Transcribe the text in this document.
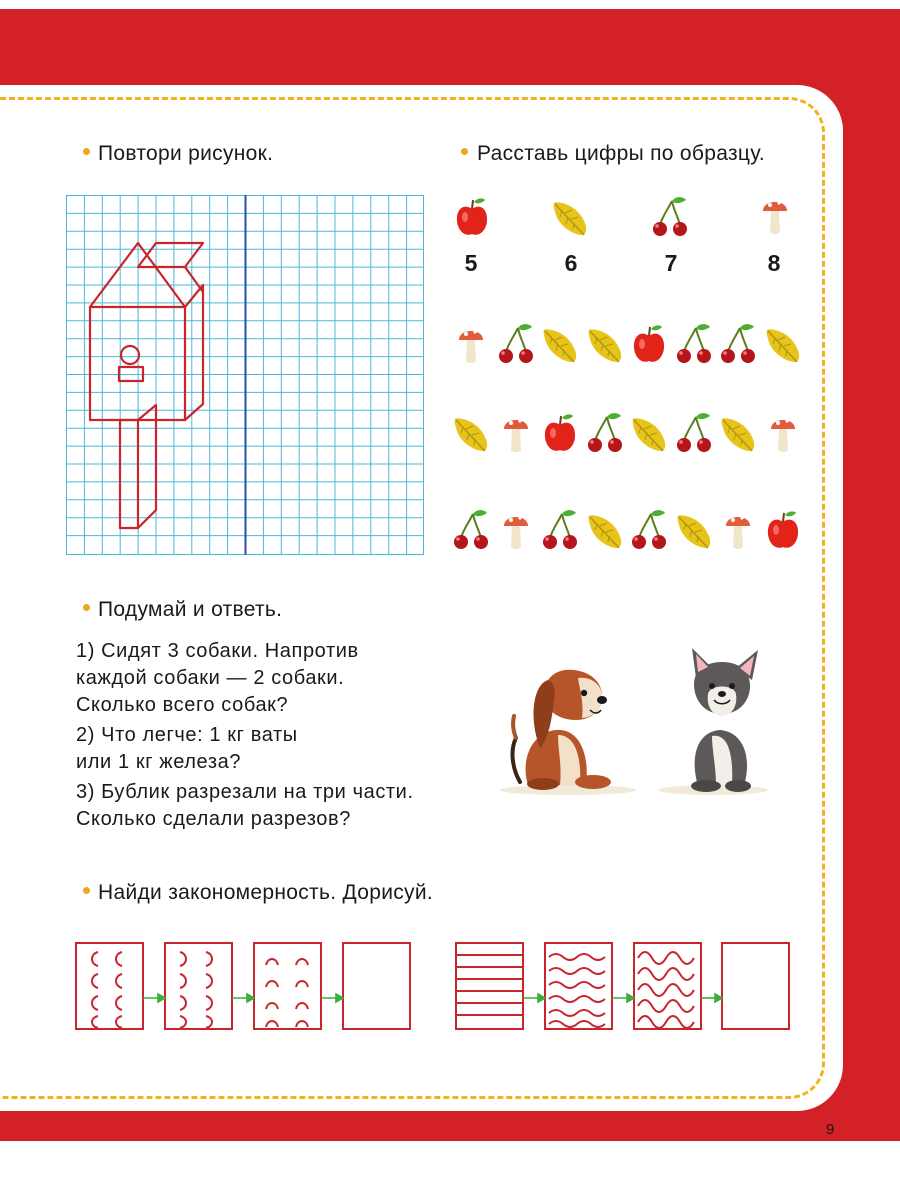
Повтори рисунок.	Расставь цифры по образцу.
5	6	7	8
Подумай и ответь.
1) Сидят 3 собаки. Напротив
каждой собаки — 2 собаки.
Сколько всего собак?
2) Что легче: 1 кг ваты
или 1 кг железа?
3) Бублик разрезали на три части.
Сколько сделали разрезов?
Найди закономерность. Дорисуй.
9
